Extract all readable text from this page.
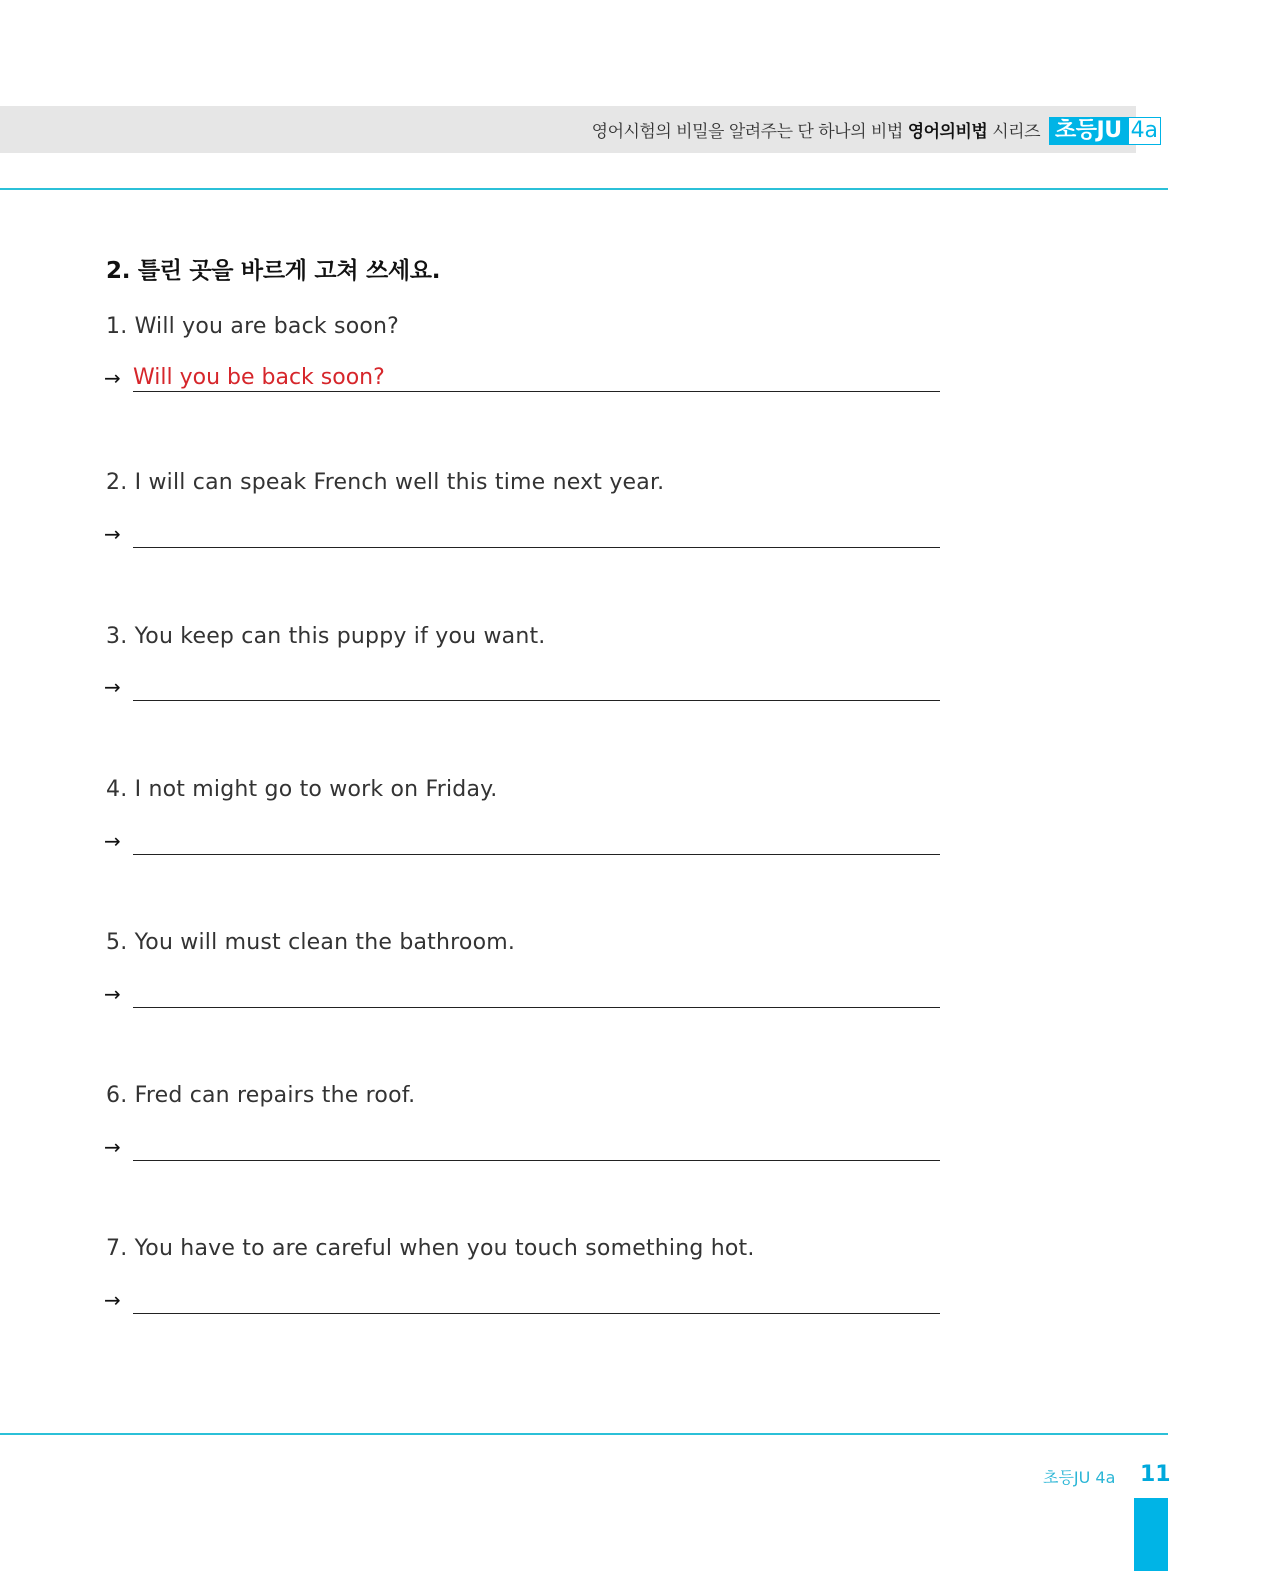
영어시험의 비밀을 알려주는 단 하나의 비법 영어의비법 시리즈 초등JU 4a
2. 틀린 곳을 바르게 고쳐 쓰세요.
1. Will you are back soon?
→ Will you be back soon?
2. I will can speak French well this time next year.
→
3. You keep can this puppy if you want.
→
4. I not might go to work on Friday.
→
5. You will must clean the bathroom.
→
6. Fred can repairs the roof.
→
7. You have to are careful when you touch something hot.
→
초등JU 4a 11
